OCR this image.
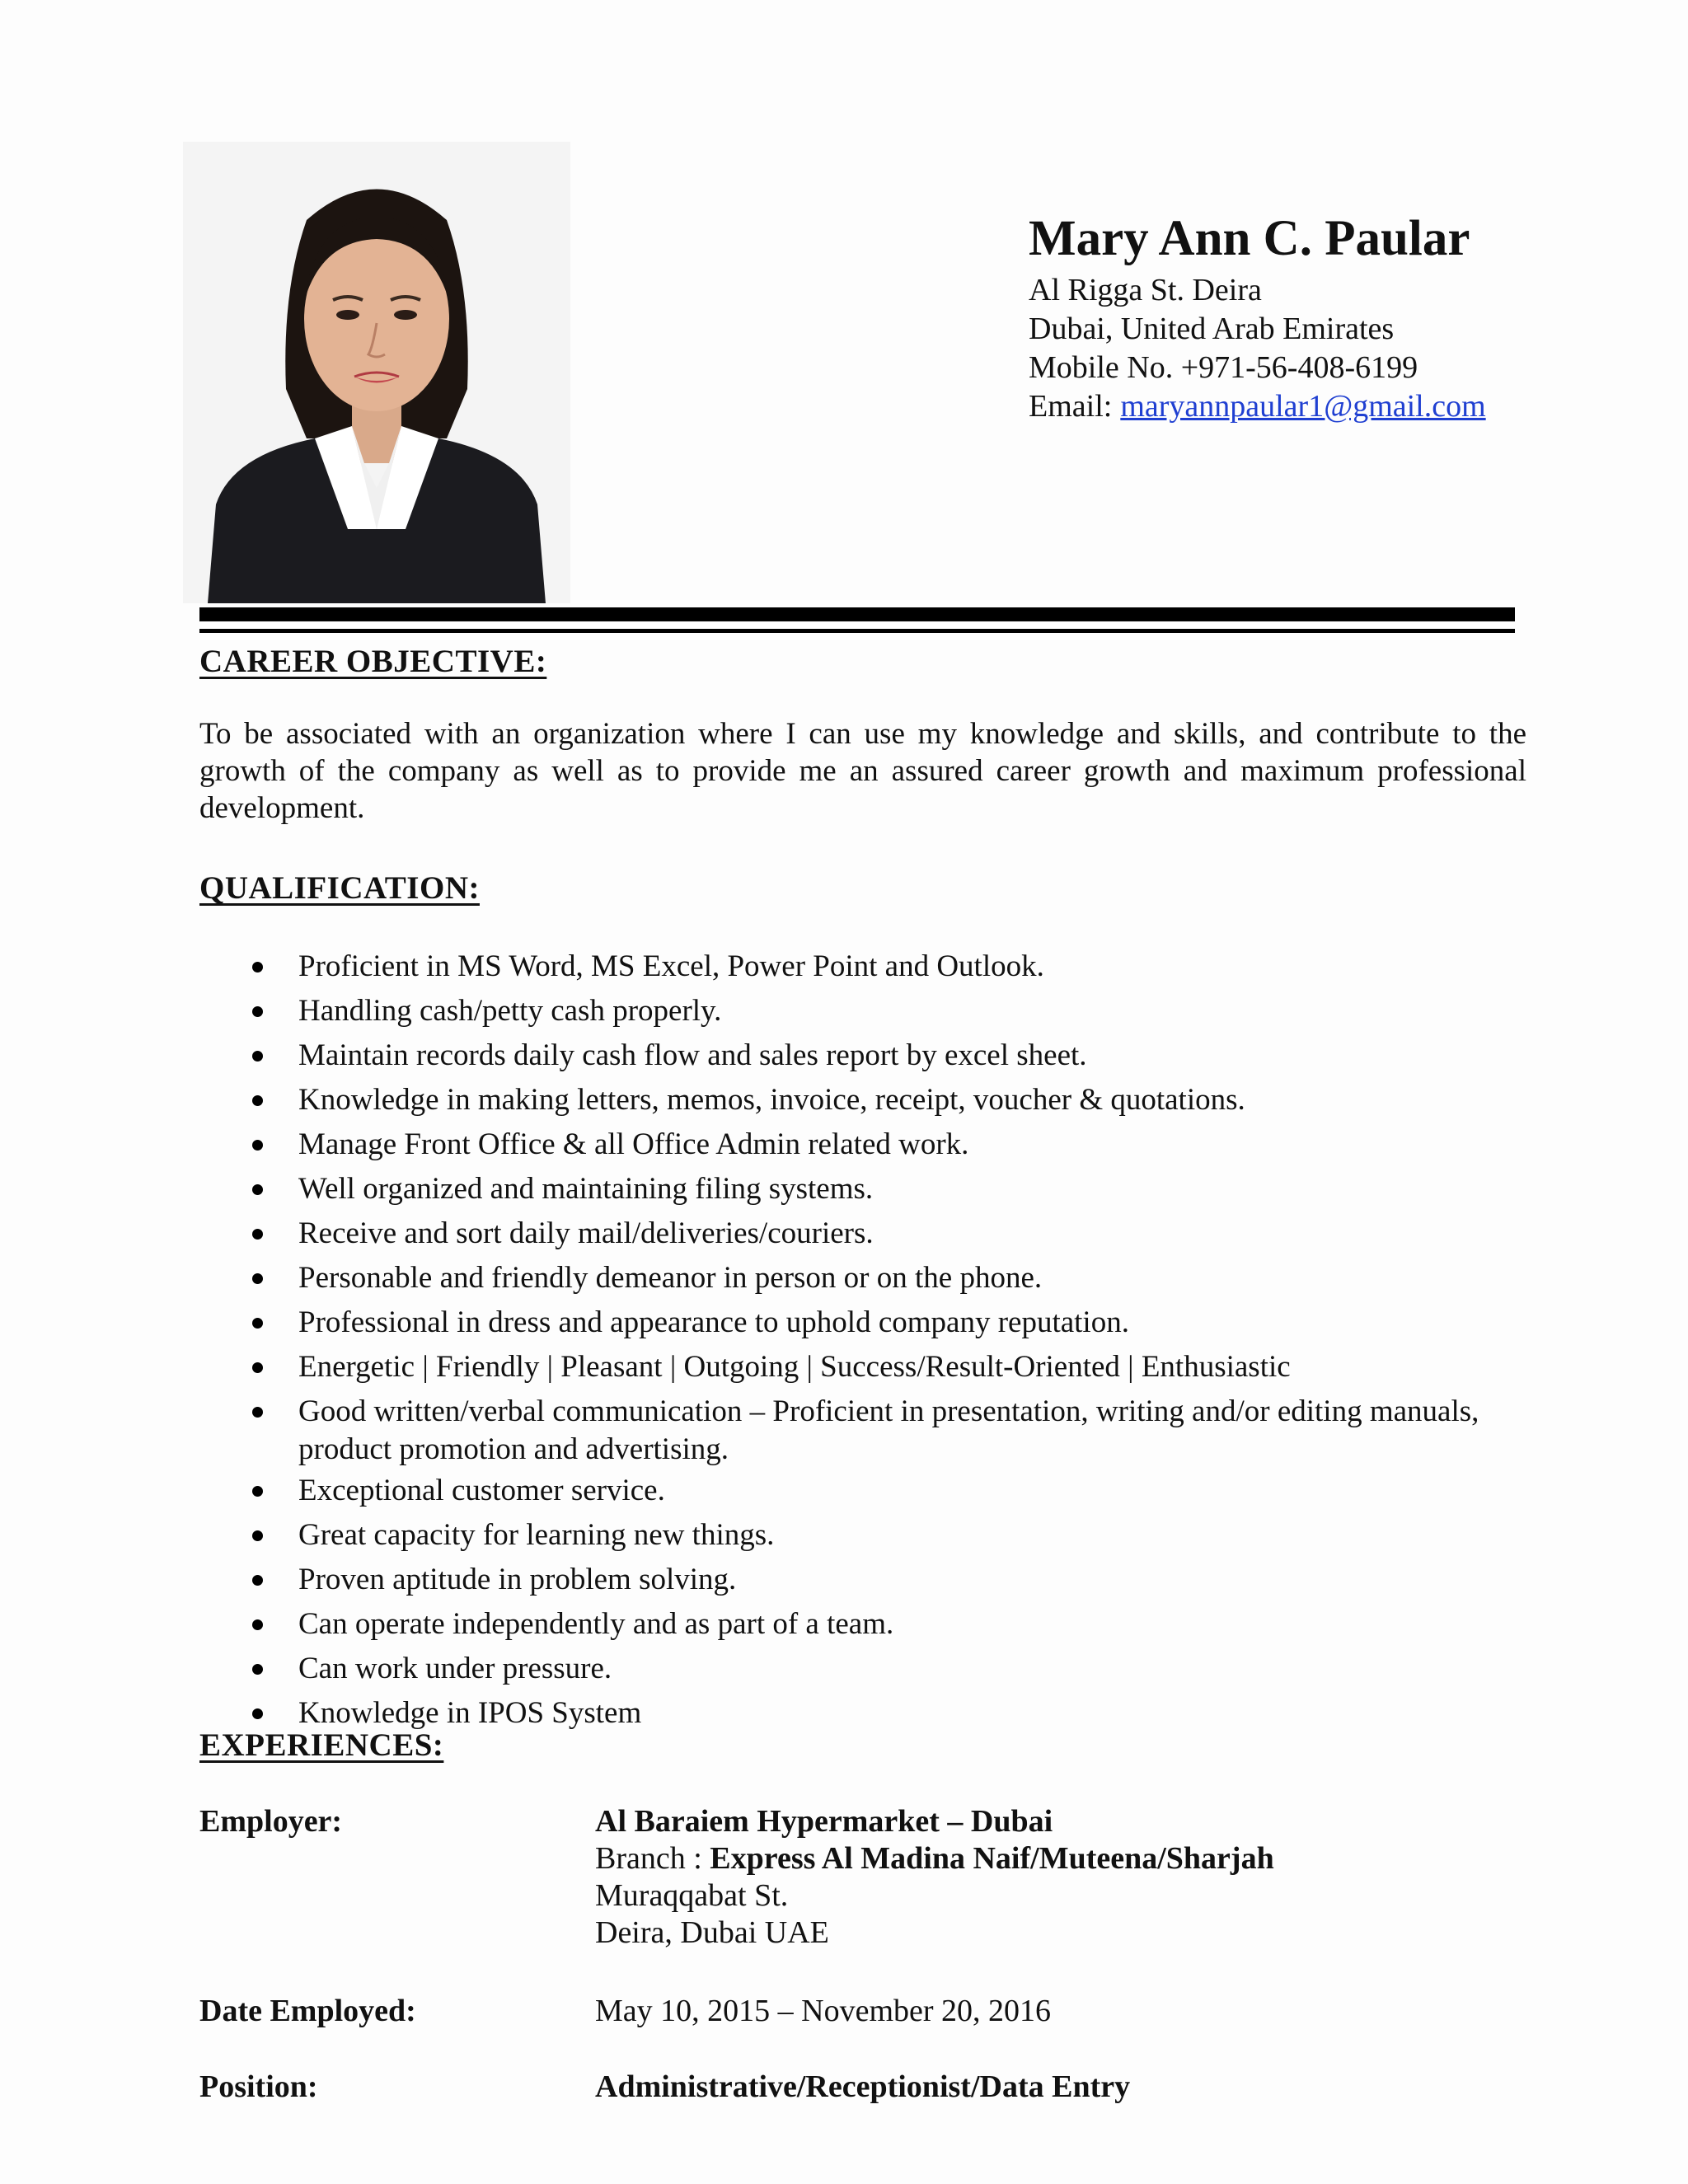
Mary Ann C. Paular
Al Rigga St. Deira
Dubai, United Arab Emirates
Mobile No. +971-56-408-6199
Email: maryannpaular1@gmail.com
CAREER OBJECTIVE:
To be associated with an organization where I can use my knowledge and skills, and contribute to the growth of the company as well as to provide me an assured career growth and maximum professional development.
QUALIFICATION:
Proficient in MS Word, MS Excel, Power Point and Outlook.
Handling cash/petty cash properly.
Maintain records daily cash flow and sales report by excel sheet.
Knowledge in making letters, memos, invoice, receipt, voucher & quotations.
Manage Front Office & all Office Admin related work.
Well organized and maintaining filing systems.
Receive and sort daily mail/deliveries/couriers.
Personable and friendly demeanor in person or on the phone.
Professional in dress and appearance to uphold company reputation.
Energetic | Friendly | Pleasant | Outgoing | Success/Result-Oriented | Enthusiastic
Good written/verbal communication – Proficient in presentation, writing and/or editing manuals, product promotion and advertising.
Exceptional customer service.
Great capacity for learning new things.
Proven aptitude in problem solving.
Can operate independently and as part of a team.
Can work under pressure.
Knowledge in IPOS System
EXPERIENCES:
Employer:	Al Baraiem Hypermarket – Dubai
Branch : Express Al Madina Naif/Muteena/Sharjah
Muraqqabat St.
Deira, Dubai UAE
Date Employed:	May 10, 2015 – November 20, 2016
Position:	Administrative/Receptionist/Data Entry
